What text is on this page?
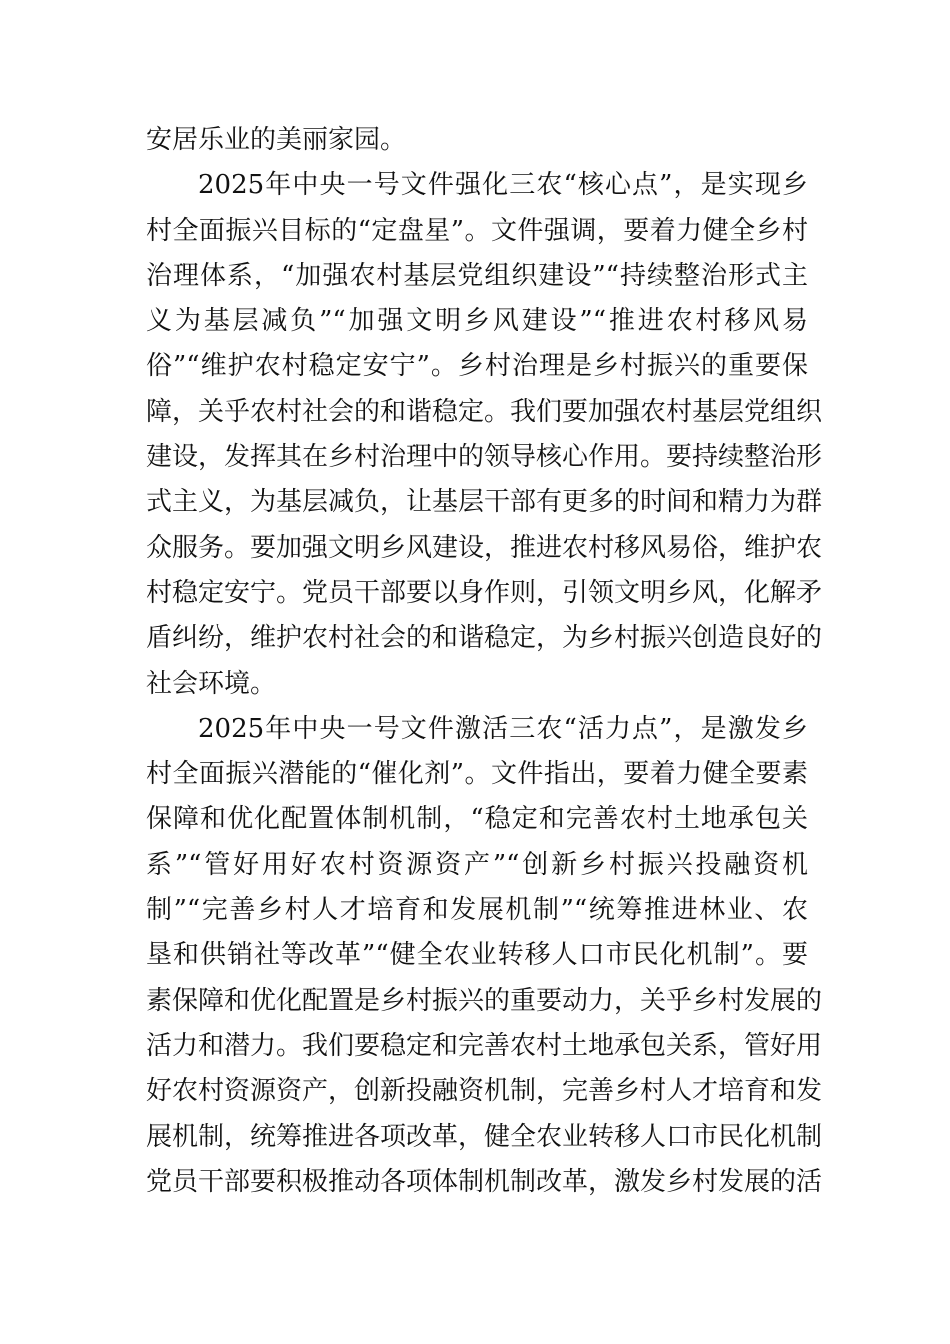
安居乐业的美丽家园。
2025年中央一号文件强化三农“核心点”，是实现乡
村全面振兴目标的“定盘星”。文件强调，要着力健全乡村
治理体系，“加强农村基层党组织建设”“持续整治形式主
义为基层减负”“加强文明乡风建设”“推进农村移风易
俗”“维护农村稳定安宁”。乡村治理是乡村振兴的重要保
障，关乎农村社会的和谐稳定。我们要加强农村基层党组织
建设，发挥其在乡村治理中的领导核心作用。要持续整治形
式主义，为基层减负，让基层干部有更多的时间和精力为群
众服务。要加强文明乡风建设，推进农村移风易俗，维护农
村稳定安宁。党员干部要以身作则，引领文明乡风，化解矛
盾纠纷，维护农村社会的和谐稳定，为乡村振兴创造良好的
社会环境。
2025年中央一号文件激活三农“活力点”，是激发乡
村全面振兴潜能的“催化剂”。文件指出，要着力健全要素
保障和优化配置体制机制，“稳定和完善农村土地承包关
系”“管好用好农村资源资产”“创新乡村振兴投融资机
制”“完善乡村人才培育和发展机制”“统筹推进林业、农
垦和供销社等改革”“健全农业转移人口市民化机制”。要
素保障和优化配置是乡村振兴的重要动力，关乎乡村发展的
活力和潜力。我们要稳定和完善农村土地承包关系，管好用
好农村资源资产，创新投融资机制，完善乡村人才培育和发
展机制，统筹推进各项改革，健全农业转移人口市民化机制
党员干部要积极推动各项体制机制改革，激发乡村发展的活
